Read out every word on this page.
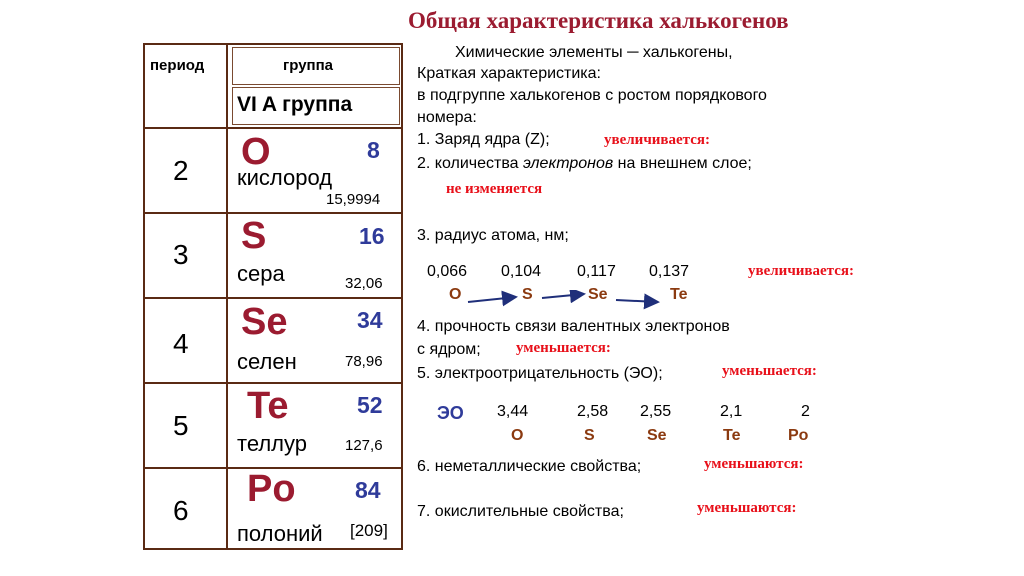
Общая характеристика халькогенов
период	группа
VI A группа
2 O	8
кислород
15,9994
3 S	16
сера	32,06
4
Se	34
селен	78,96
5 Te	52
теллур	127,6
6
Po	84
полоний [209]
Химические элементы ─ халькогены,
Краткая характеристика:
в подгруппе халькогенов с ростом порядкового
номера:
1. Заряд ядра (Z);	увеличивается:
2. количества электронов на внешнем слое;
не изменяется
3. радиус атома, нм;
0,066 0,104 0,117 0,137	увеличивается:
O	S	Se	Te
4. прочность связи валентных электронов
с ядром; уменьшается:
5. электроотрицательность (ЭО);	уменьшается:
ЭО 3,44	2,58 2,55	2,1	2
O	S	Se	Te	Po
6. неметаллические свойства;	уменьшаются:
7. окислительные свойства;	уменьшаются:
